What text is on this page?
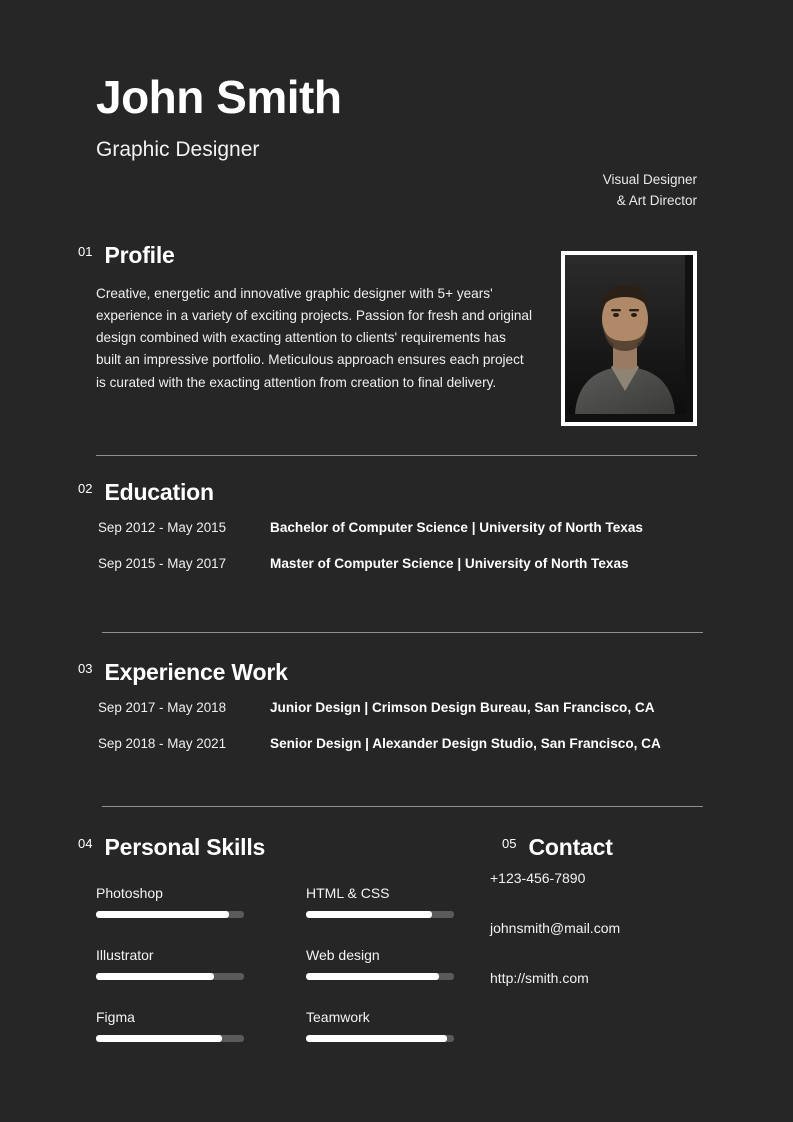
John Smith
Graphic Designer
Visual Designer
& Art Director
01 Profile
Creative, energetic and innovative graphic designer with 5+ years' experience in a variety of exciting projects. Passion for fresh and original design combined with exacting attention to clients' requirements has built an impressive portfolio. Meticulous approach ensures each project is curated with the exacting attention from creation to final delivery.
02 Education
Sep 2012 - May 2015	Bachelor of Computer Science | University of North Texas
Sep 2015 - May 2017	Master of Computer Science | University of North Texas
03 Experience Work
Sep 2017 - May 2018	Junior Design | Crimson Design Bureau, San Francisco, CA
Sep 2018 - May 2021	Senior Design | Alexander Design Studio, San Francisco, CA
04 Personal Skills	05 Contact
Photoshop
Illustrator
Figma
HTML & CSS
Web design
Teamwork
+123-456-7890
johnsmith@mail.com
http://smith.com
